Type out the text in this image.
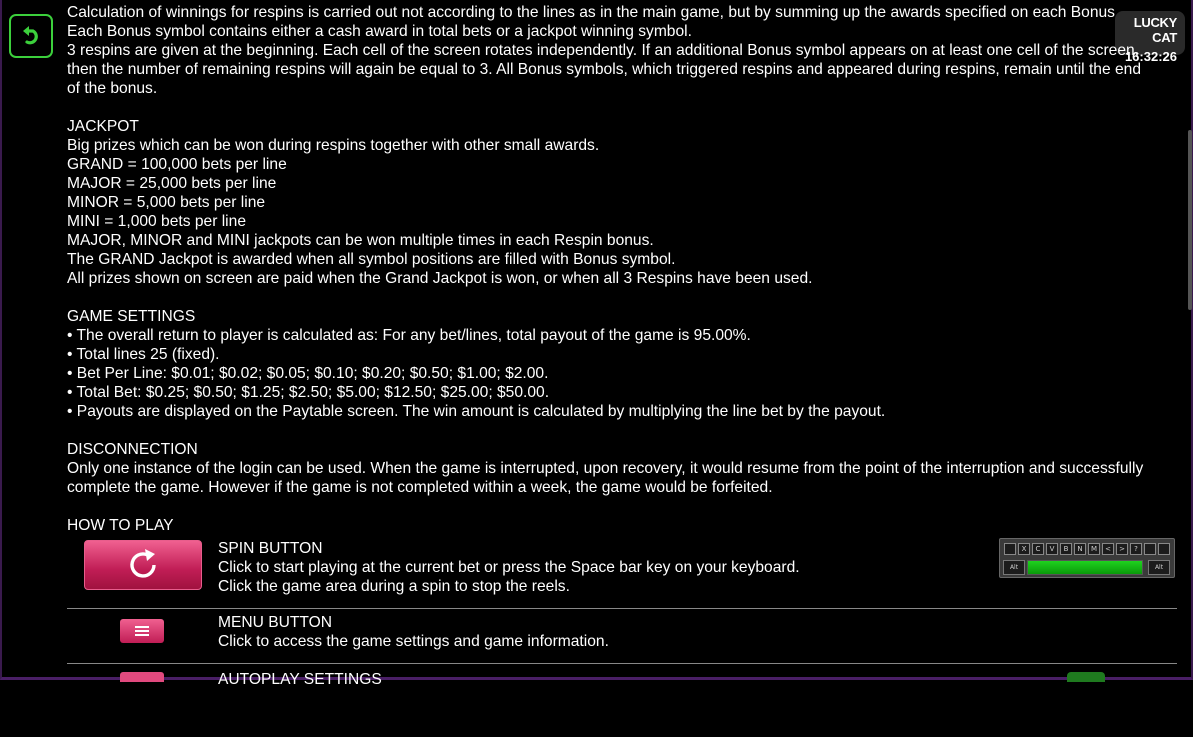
LUCKY CAT
16:32:26

Calculation of winnings for respins is carried out not according to the lines as in the main game, but by summing up the awards specified on each Bonus

Each Bonus symbol contains either a cash award in total bets or a jackpot winning symbol.

3 respins are given at the beginning. Each cell of the screen rotates independently. If an additional Bonus symbol appears on at least one cell of the screen,

then the number of remaining respins will again be equal to 3. All Bonus symbols, which triggered respins and appeared during respins, remain until the end

of the bonus.

JACKPOT

Big prizes which can be won during respins together with other small awards.

GRAND = 100,000 bets per line

MAJOR = 25,000 bets per line

MINOR = 5,000 bets per line

MINI = 1,000 bets per line

MAJOR, MINOR and MINI jackpots can be won multiple times in each Respin bonus.

The GRAND Jackpot is awarded when all symbol positions are filled with Bonus symbol.

All prizes shown on screen are paid when the Grand Jackpot is won, or when all 3 Respins have been used.

GAME SETTINGS

• The overall return to player is calculated as: For any bet/lines, total payout of the game is 95.00%.

• Total lines 25 (fixed).

• Bet Per Line: $0.01; $0.02; $0.05; $0.10; $0.20; $0.50; $1.00; $2.00.

• Total Bet: $0.25; $0.50; $1.25; $2.50; $5.00; $12.50; $25.00; $50.00.

• Payouts are displayed on the Paytable screen. The win amount is calculated by multiplying the line bet by the payout.

DISCONNECTION

Only one instance of the login can be used. When the game is interrupted, upon recovery, it would resume from the point of the interruption and successfully

complete the game. However if the game is not completed within a week, the game would be forfeited.

HOW TO PLAY

SPIN BUTTON
Click to start playing at the current bet or press the Space bar key on your keyboard.
Click the game area during a spin to stop the reels.
X	C	V	B	N	M	<	>	?
Alt	Alt
MENU BUTTON
Click to access the game settings and game information.
AUTOPLAY SETTINGS
